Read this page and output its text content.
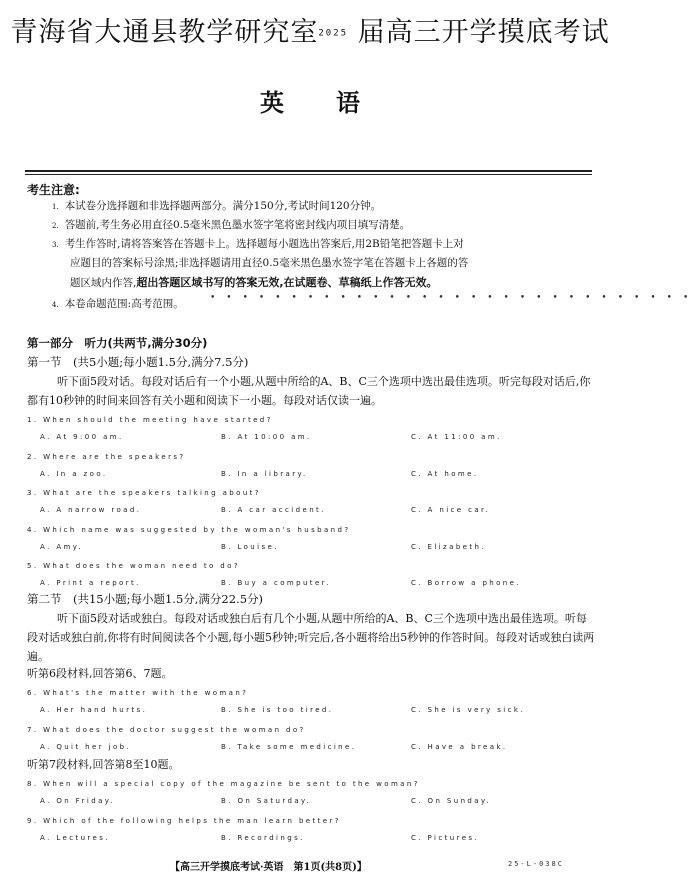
青海省大通县教学研究室2025 届高三开学摸底考试
英 语
考生注意:
1. 本试卷分选择题和非选择题两部分。满分150分,考试时间120分钟。
2. 答题前,考生务必用直径0.5毫米黑色墨水签字笔将密封线内项目填写清楚。
3. 考生作答时,请将答案答在答题卡上。选择题每小题选出答案后,用2B铅笔把答题卡上对
应题目的答案标号涂黑;非选择题请用直径0.5毫米黑色墨水签字笔在答题卡上各题的答
题区域内作答,超出答题区域书写的答案无效,在试题卷、草稿纸上作答无效。
••••••••••••••••••••••••••••••
4. 本卷命题范围:高考范围。
第一部分　听力(共两节,满分30分)
第一节　(共5小题;每小题1.5分,满分7.5分)
听下面5段对话。每段对话后有一个小题,从题中所给的A、B、C三个选项中选出最佳选项。听完每段对话后,你都有10秒钟的时间来回答有关小题和阅读下一小题。每段对话仅读一遍。
1. When should the meeting have started?
A. At 9:00 am.	B. At 10:00 am.	C. At 11:00 am.
2. Where are the speakers?
A. In a zoo.	B. In a library.	C. At home.
3. What are the speakers talking about?
A. A narrow road.	B. A car accident.	C. A nice car.
4. Which name was suggested by the woman's husband?
A. Amy.	B. Louise.	C. Elizabeth.
5. What does the woman need to do?
A. Print a report.	B. Buy a computer.	C. Borrow a phone.
第二节　(共15小题;每小题1.5分,满分22.5分)
听下面5段对话或独白。每段对话或独白后有几个小题,从题中所给的A、B、C三个选项中选出最佳选项。听每段对话或独白前,你将有时间阅读各个小题,每小题5秒钟;听完后,各小题将给出5秒钟的作答时间。每段对话或独白读两遍。
听第6段材料,回答第6、7题。
6. What's the matter with the woman?
A. Her hand hurts.	B. She is too tired.	C. She is very sick.
7. What does the doctor suggest the woman do?
A. Quit her job.	B. Take some medicine.	C. Have a break.
听第7段材料,回答第8至10题。
8. When will a special copy of the magazine be sent to the woman?
A. On Friday.	B. On Saturday.	C. On Sunday.
9. Which of the following helps the man learn better?
A. Lectures.	B. Recordings.	C. Pictures.
【高三开学摸底考试·英语　第1页(共8页)】	25-L-038C
